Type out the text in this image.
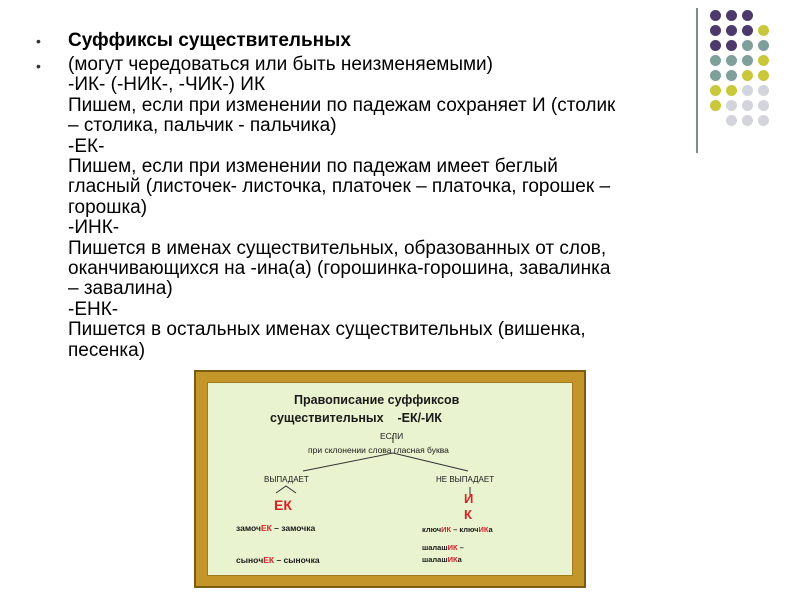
• Суффиксы существительных
• (могут чередоваться или быть неизменяемыми)
-ИК- (-НИК-, -ЧИК-) ИК
Пишем, если при изменении по падежам сохраняет И (столик
– столика, пальчик - пальчика)
-ЕК-
Пишем, если при изменении по падежам имеет беглый
гласный (листочек- листочка, платочек – платочка, горошек –
горошка)
-ИНК-
Пишется в именах существительных, образованных от слов,
оканчивающихся на -ина(а) (горошинка-горошина, завалинка
– завалина)
-ЕНК-
Пишется в остальных именах существительных (вишенка,
песенка)
Правописание суффиксов
существительных    -ЕК/-ИК
ЕСЛИ
при склонении слова гласная буква
ВЫПАДАЕТ	НЕ ВЫПАДАЕТ
ЕК	И
К
замочЕК – замочка
сынoчЕК – сыночка
ключИК – ключИКа
шалашИК –
шалашИКа
